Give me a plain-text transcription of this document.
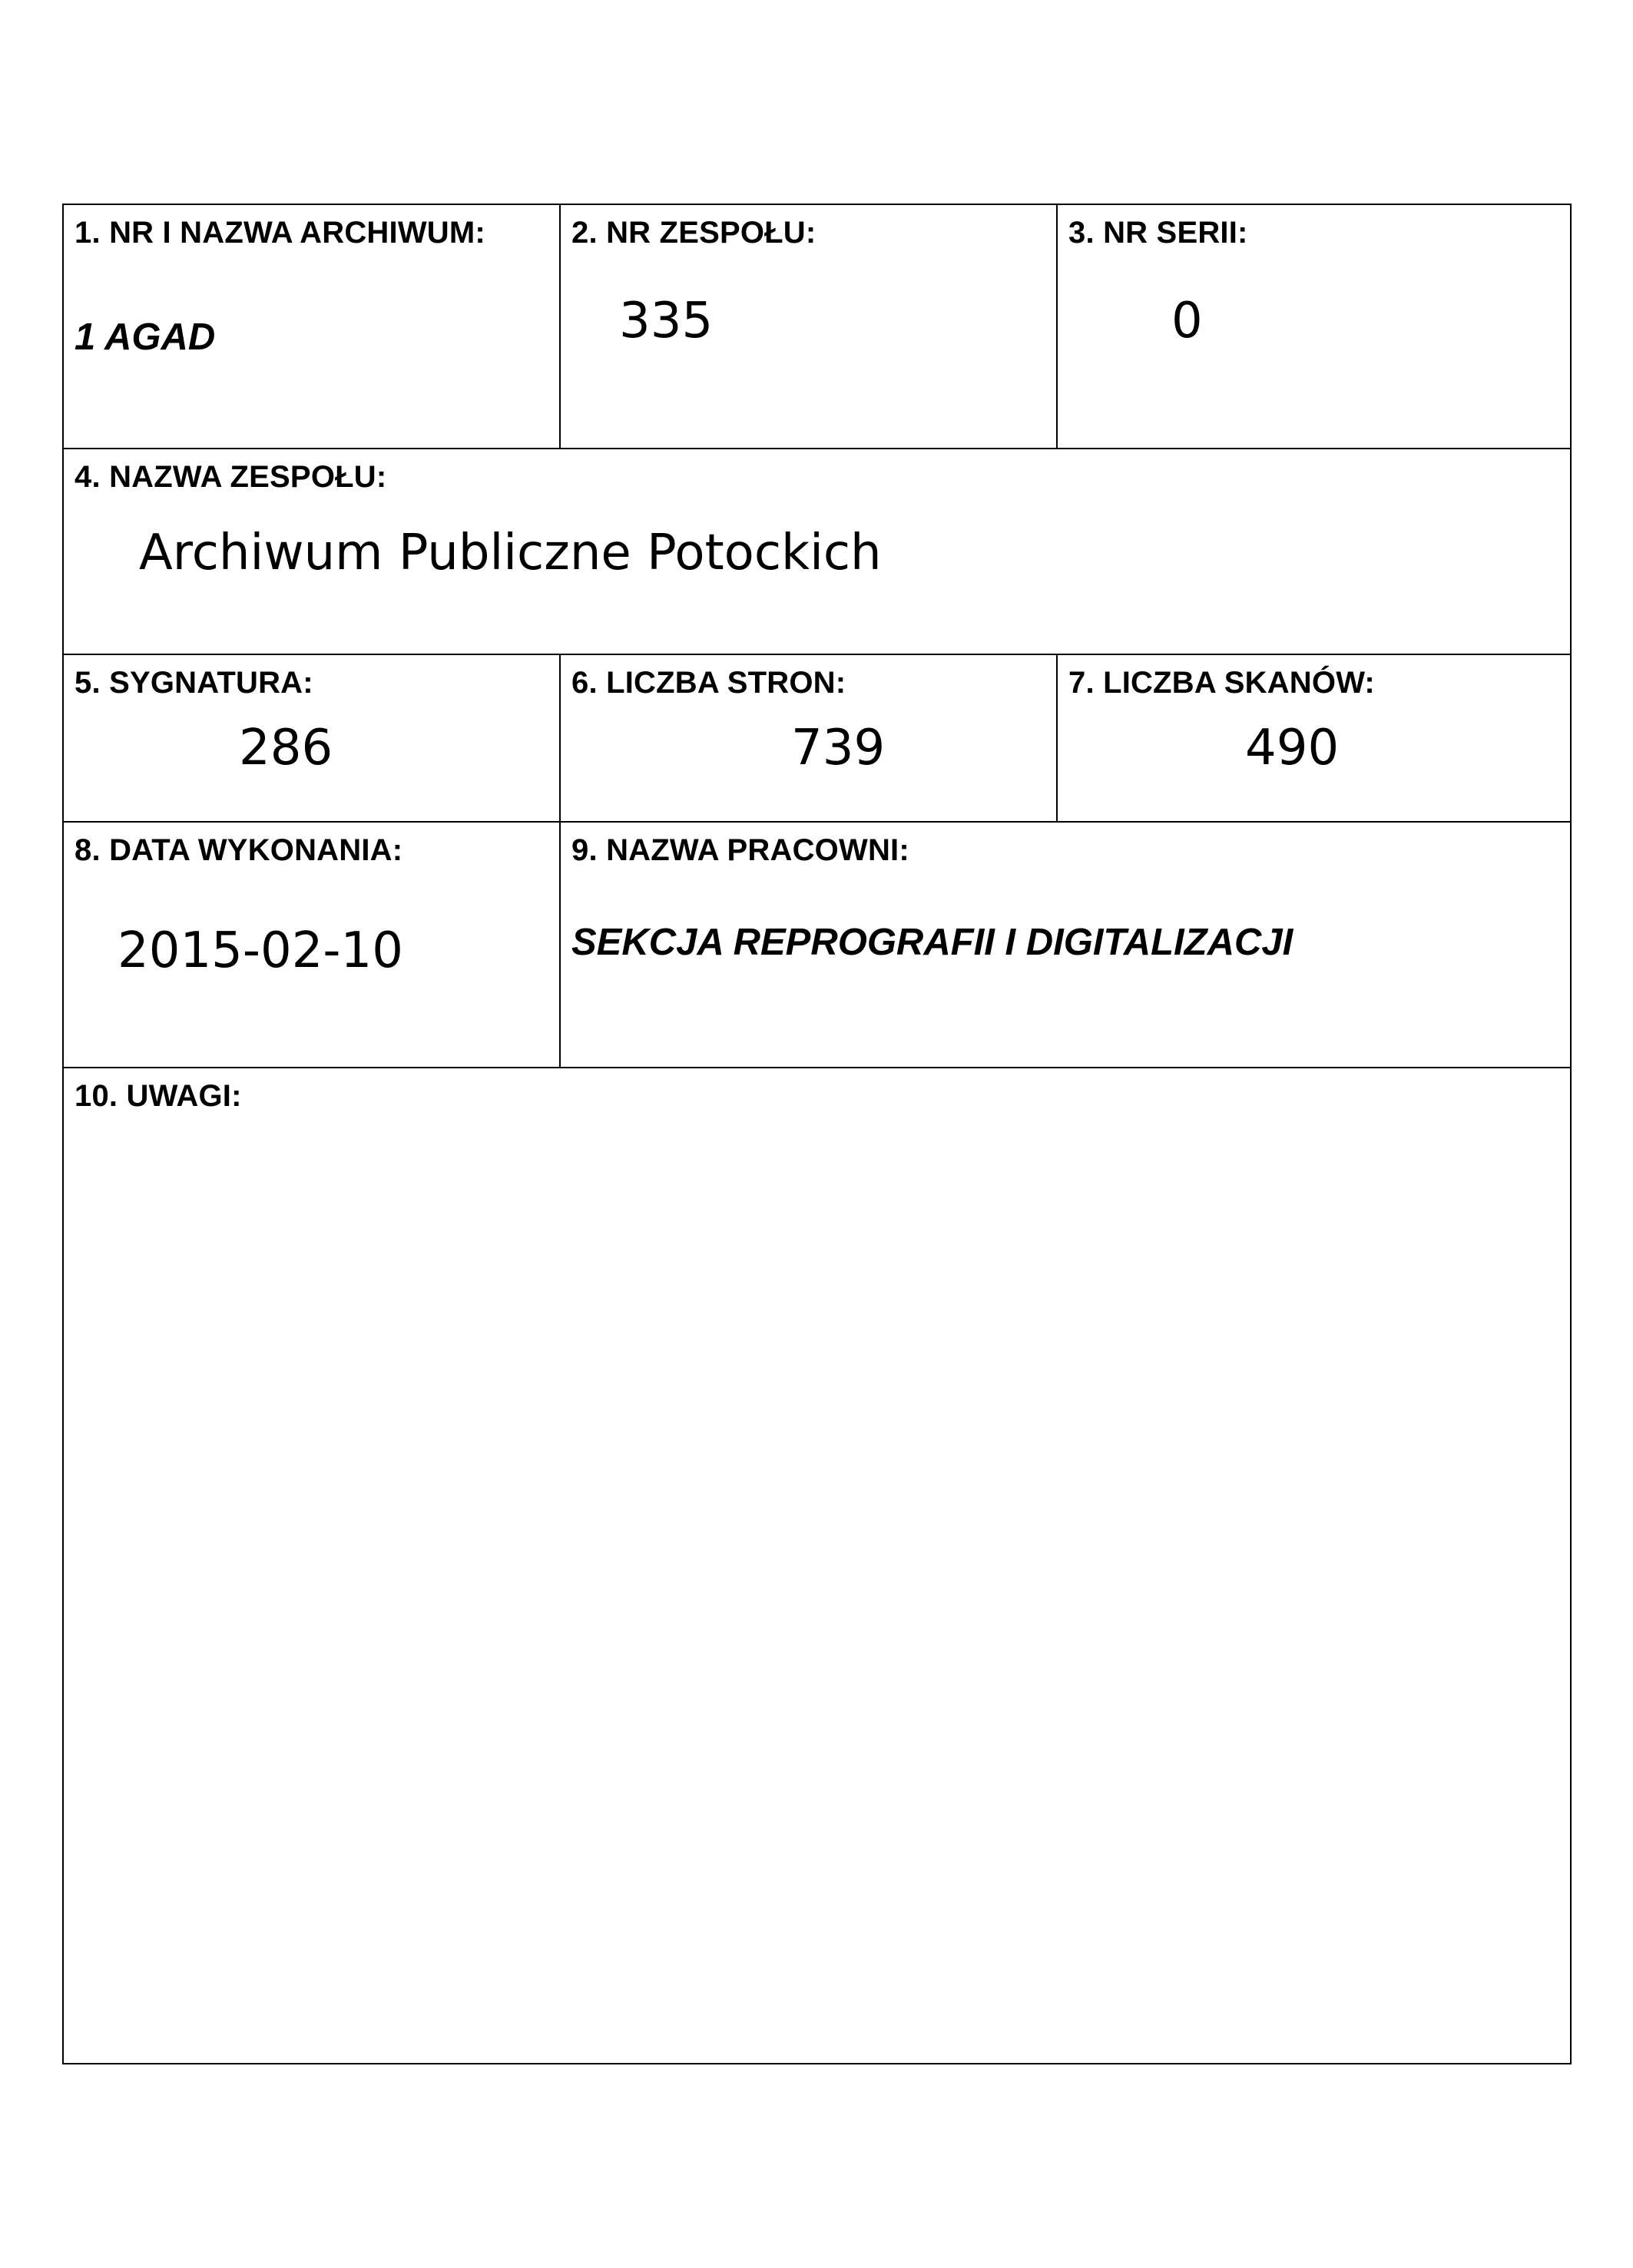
1. NR I NAZWA ARCHIWUM:
1 AGAD
2. NR ZESPOŁU:
335
3. NR SERII:
0
4. NAZWA ZESPOŁU:
Archiwum Publiczne Potockich
5. SYGNATURA:
286
6. LICZBA STRON:
739
7. LICZBA SKANÓW:
490
8. DATA WYKONANIA:
2015-02-10
9. NAZWA PRACOWNI:
SEKCJA REPROGRAFII I DIGITALIZACJI
10. UWAGI:
